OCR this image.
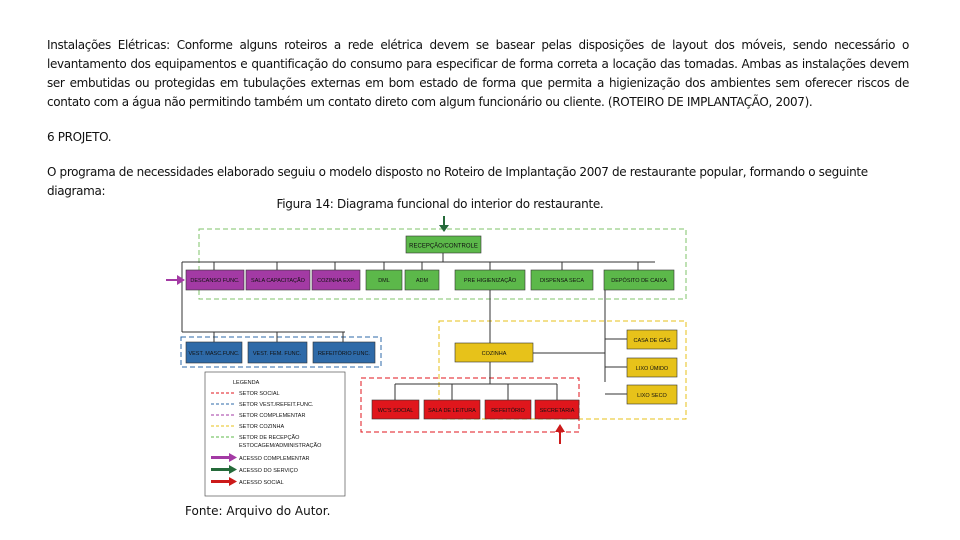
Instalações Elétricas: Conforme alguns roteiros a rede elétrica devem se basear pelas disposições de layout dos móveis, sendo necessário o levantamento dos equipamentos e quantificação do consumo para especificar de forma correta a locação das tomadas. Ambas as instalações devem ser embutidas ou protegidas em tubulações externas em bom estado de forma que permita a higienização dos ambientes sem oferecer riscos de contato com a água não permitindo também um contato direto com algum funcionário ou cliente. (ROTEIRO DE IMPLANTAÇÃO, 2007).

6 PROJETO.

O programa de necessidades elaborado seguiu o modelo disposto no Roteiro de Implantação 2007 de restaurante popular, formando o seguinte diagrama:

Figura 14: Diagrama funcional do interior do restaurante.
RECEPÇÃO/CONTROLE
DESCANSO FUNC. SALA CAPACITAÇÃO COZINHA EXP.	DML	ADM	PRE HIGIENIZAÇÃO	DISPENSA SECA	DEPÓSITO DE CAIXA
VEST. MASC.FUNC. VEST. FEM. FUNC.	REFEITÓRIO FUNC.	COZINHA
CASA DE GÁS
LIXO ÚMIDO
LIXO SECO
WC'S SOCIAL	SALA DE LEITURA	REFEITÓRIO	SECRETARIA
LEGENDA
SETOR SOCIAL
SETOR VEST./REFEIT.FUNC.
SETOR COMPLEMENTAR
SETOR COZINHA
SETOR DE RECEPÇÃO
ESTOCAGEM/ADMINISTRAÇÃO
ACESSO COMPLEMENTAR
ACESSO DO SERVIÇO
ACESSO SOCIAL
Fonte: Arquivo do Autor.
